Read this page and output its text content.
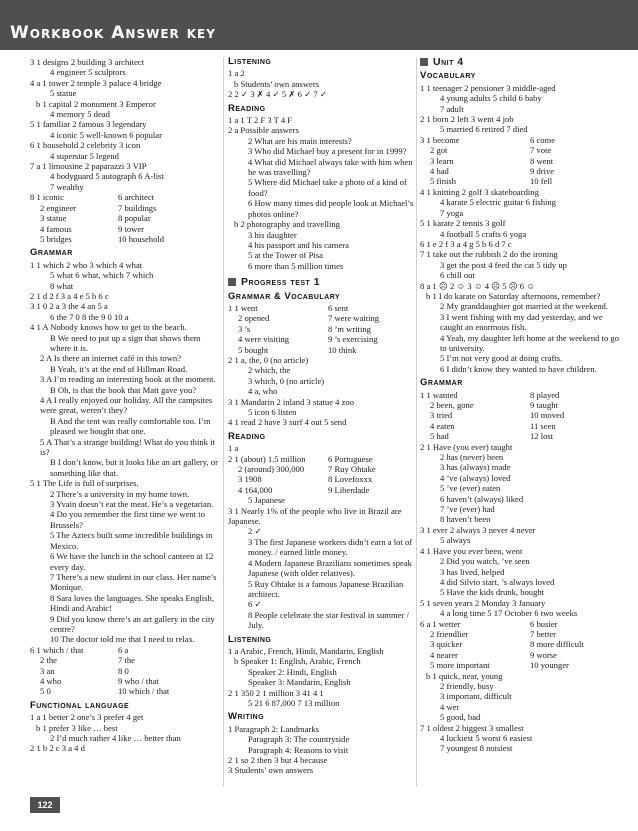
Workbook Answer key
3 1 designs 2 building 3 architect
4 engineer 5 sculptors
4 a 1 tower 2 temple 3 palace 4 bridge
5 statue
b 1 capital 2 monument 3 Emperor
4 memory 5 dead
5 1 familiar 2 famous 3 legendary
4 iconic 5 well-known 6 popular
6 1 household 2 celebrity 3 icon
4 superstar 5 legend
7 a 1 limousine 2 paparazzi 3 VIP
4 bodyguard 5 autograph 6 A-list
7 wealthy
8 1 iconic	6 architect
2 engineer	7 buildings
3 statue	8 popular
4 famous	9 tower
5 bridges	10 household
Grammar
1 1 which 2 who 3 which 4 what
5 what 6 what, which 7 which
8 what
2 1 d 2 f 3 a 4 e 5 b 6 c
3 1 0 2 a 3 the 4 an 5 a
6 the 7 0 8 the 9 0 10 a
4 1 A Nobody knows how to get to the beach.
B We need to put up a sign that shows them where it is.
2 A Is there an internet café in this town?
B Yeah, it’s at the end of Hillman Road.
3 A I’m reading an interesting book at the moment.
B Oh, is that the book that Matt gave you?
4 A I really enjoyed our holiday. All the campsites were great, weren’t they?
B And the tent was really comfortable too. I’m pleased we bought that one.
5 A That’s a strange building! What do you think it is?
B I don’t know, but it looks like an art gallery, or something like that.
5 1 The Life is full of surprises.
2 There’s a university in my home town.
3 Yvain doesn’t eat the meat. He’s a vegetarian.
4 Do you remember the first time we went to Brussels?
5 The Aztecs built some incredible buildings in Mexico.
6 We have the lunch in the school canteen at 12 every day.
7 There’s a new student in our class. Her name’s Monique.
8 Sara loves the languages. She speaks English, Hindi and Arabic!
9 Did you know there’s an art gallery in the city centre?
10 The doctor told me that I need to relax.
6 1 which / that	6 a
2 the	7 the
3 an	8 0
4 who	9 who / that
5 0	10 which / that
Functional language
1 a 1 better 2 one’s 3 prefer 4 get
b 1 prefer 3 like … best
2 I’d much rather 4 like … better than
2 1 b 2 c 3 a 4 d
Listening
1 a 2
b Students’ own answers
2 2 ✓ 3 ✗ 4 ✓ 5 ✗ 6 ✓ 7 ✓
Reading
1 a 1 T 2 F 3 T 4 F
2 a Possible answers
2 What are his main interests?
3 Who did Michael buy a present for in 1999?
4 What did Michael always take with him when he was travelling?
5 Where did Michael take a photo of a kind of food?
6 How many times did people look at Michael’s photos online?
b 2 photography and travelling
3 his daughter
4 his passport and his camera
5 at the Tower of Pisa
6 more than 5 million times
Progress test 1
Grammar & Vocabulary
1 1 went	6 sent
2 opened	7 were waiting
3 ’s	8 ’m writing
4 were visiting	9 ’s exercising
5 bought	10 think
2 1 a, the, 0 (no article)
2 which, the
3 which, 0 (no article)
4 a, who
3 1 Mandarin 2 inland 3 statue 4 zoo
5 icon 6 listen
4 1 read 2 have 3 surf 4 out 5 send
Reading
1 a
2 1 (about) 1.5 million	6 Portuguese
2 (around) 300,000	7 Ruy Ohtake
3 1908	8 Lovefoxxx
4 164,000	9 Liberdade
5 Japanese
3 1 Nearly 1% of the people who live in Brazil are Japanese.
2 ✓
3 The first Japanese workers didn’t earn a lot of money. / earned little money.
4 Modern Japanese Brazilians sometimes speak Japanese (with older relatives).
5 Ruy Ohtake is a famous Japanese Brazilian architect.
6 ✓
8 People celebrate the star festival in summer / July.
Listening
1 a Arabic, French, Hindi, Mandarin, English
b Speaker 1: English, Arabic, French
Speaker 2: Hindi, English
Speaker 3: Mandarin, English
2 1 350 2 1 million 3 41 4 1
5 21 6 87,000 7 13 million
Writing
1 Paragraph 2: Landmarks
Paragraph 3: The countryside
Paragraph 4: Reasons to visit
2 1 so 2 then 3 but 4 because
3 Students’ own answers
Unit 4
Vocabulary
1 1 teenager 2 pensioner 3 middle-aged
4 young adults 5 child 6 baby
7 adult
2 1 born 2 left 3 went 4 job
5 married 6 retired 7 died
3 1 become	6 come
2 got	7 vote
3 learn	8 went
4 had	9 drive
5 finish	10 fell
4 1 knitting 2 golf 3 skateboarding
4 karate 5 electric guitar 6 fishing
7 yoga
5 1 karate 2 tennis 3 golf
4 football 5 crafts 6 yoga
6 1 e 2 f 3 a 4 g 5 b 6 d 7 c
7 1 take out the rubbish 2 do the ironing
3 get the post 4 feed the cat 5 tidy up
6 chill out
8 a 1 ☹ 2 ☺ 3 ☺ 4 ☹ 5 ☹ 6 ☺
b 1 I do karate on Saturday afternoons, remember?
2 My granddaughter got married at the weekend.
3 I went fishing with my dad yesterday, and we caught an enormous fish.
4 Yeah, my daughter left home at the weekend to go to university.
5 I’m not very good at doing crafts.
6 I didn’t know they wanted to have children.
Grammar
1 1 wanted	8 played
2 been, gone	9 taught
3 tried	10 moved
4 eaten	11 seen
5 had	12 lost
2 1 Have (you ever) taught
2 has (never) been
3 has (always) made
4 ’ve (always) loved
5 ’ve (ever) eaten
6 haven’t (always) liked
7 ’ve (ever) had
8 haven’t been
3 1 ever 2 always 3 never 4 never
5 always
4 1 Have you ever been, went
2 Did you watch, ’ve seen
3 has lived, helped
4 did Silvio start, ’s always loved
5 Have the kids drunk, bought
5 1 seven years 2 Monday 3 January
4 a long time 5 17 October 6 two weeks
6 a 1 wetter	6 busier
2 friendlier	7 better
3 quicker	8 more difficult
4 nearer	9 worse
5 more important	10 younger
b 1 quick, near, young
2 friendly, busy
3 important, difficult
4 wet
5 good, bad
7 1 oldest 2 biggest 3 smallest
4 luckiest 5 worst 6 easiest
7 youngest 8 noisiest
122
